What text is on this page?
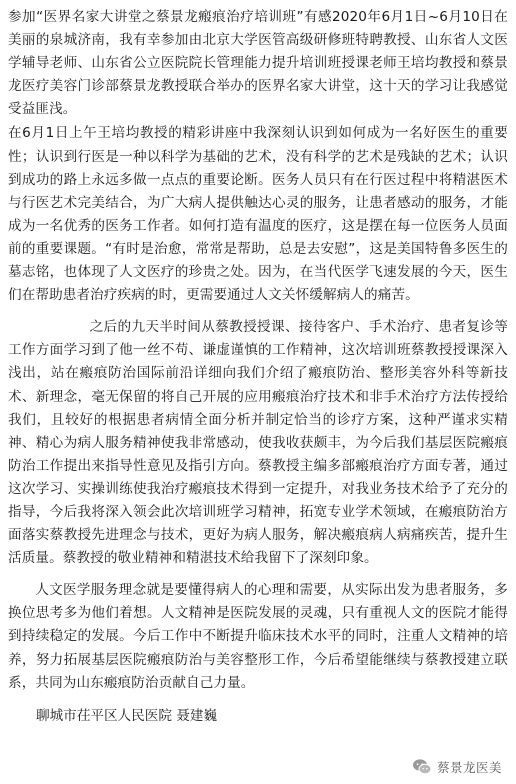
参加“医界名家大讲堂之蔡景龙瘢痕治疗培训班”有感2020年6月1日~6月10日在美丽的泉城济南，我有幸参加由北京大学医管高级研修班特聘教授、山东省人文医学辅导老师、山东省公立医院院长管理能力提升培训班授课老师王培均教授和蔡景龙医疗美容门诊部蔡景龙教授联合举办的医界名家大讲堂，这十天的学习让我感觉受益匪浅。

在6月1日上午王培均教授的精彩讲座中我深刻认识到如何成为一名好医生的重要性；认识到行医是一种以科学为基础的艺术，没有科学的艺术是残缺的艺术；认识到成功的路上永远多做一点点的重要论断。医务人员只有在行医过程中将精湛医术与行医艺术完美结合，为广大病人提供触达心灵的服务，让患者感动的服务，才能成为一名优秀的医务工作者。如何打造有温度的医疗，这是摆在每一位医务人员面前的重要课题。“有时是治愈，常常是帮助，总是去安慰”，这是美国特鲁多医生的墓志铭，也体现了人文医疗的珍贵之处。因为，在当代医学飞速发展的今天，医生们在帮助患者治疗疾病的时，更需要通过人文关怀缓解病人的痛苦。

之后的九天半时间从蔡教授授课、接待客户、手术治疗、患者复诊等工作方面学习到了他一丝不苟、谦虚谨慎的工作精神，这次培训班蔡教授授课深入浅出，站在瘢痕防治国际前沿详细向我们介绍了瘢痕防治、整形美容外科等新技术、新理念，毫无保留的将自己开展的应用瘢痕治疗技术和非手术治疗方法传授给我们，且较好的根据患者病情全面分析并制定恰当的诊疗方案，这种严谨求实精神、精心为病人服务精神使我非常感动，使我收获颇丰，为今后我们基层医院瘢痕防治工作提出来指导性意见及指引方向。蔡教授主编多部瘢痕治疗方面专著，通过这次学习、实操训练使我治疗瘢痕技术得到一定提升，对我业务技术给予了充分的指导，今后我将深入领会此次培训班学习精神，拓宽专业学术领域，在瘢痕防治方面落实蔡教授先进理念与技术，更好为病人服务，解决瘢痕病人病痛疾苦，提升生活质量。蔡教授的敬业精神和精湛技术给我留下了深刻印象。

人文医学服务理念就是要懂得病人的心理和需要，从实际出发为患者服务，多换位思考多为他们着想。人文精神是医院发展的灵魂，只有重视人文的医院才能得到持续稳定的发展。今后工作中不断提升临床技术水平的同时，注重人文精神的培养，努力拓展基层医院瘢痕防治与美容整形工作，今后希望能继续与蔡教授建立联系，共同为山东瘢痕防治贡献自己力量。

聊城市茌平区人民医院 聂建巍

蔡景龙医美
